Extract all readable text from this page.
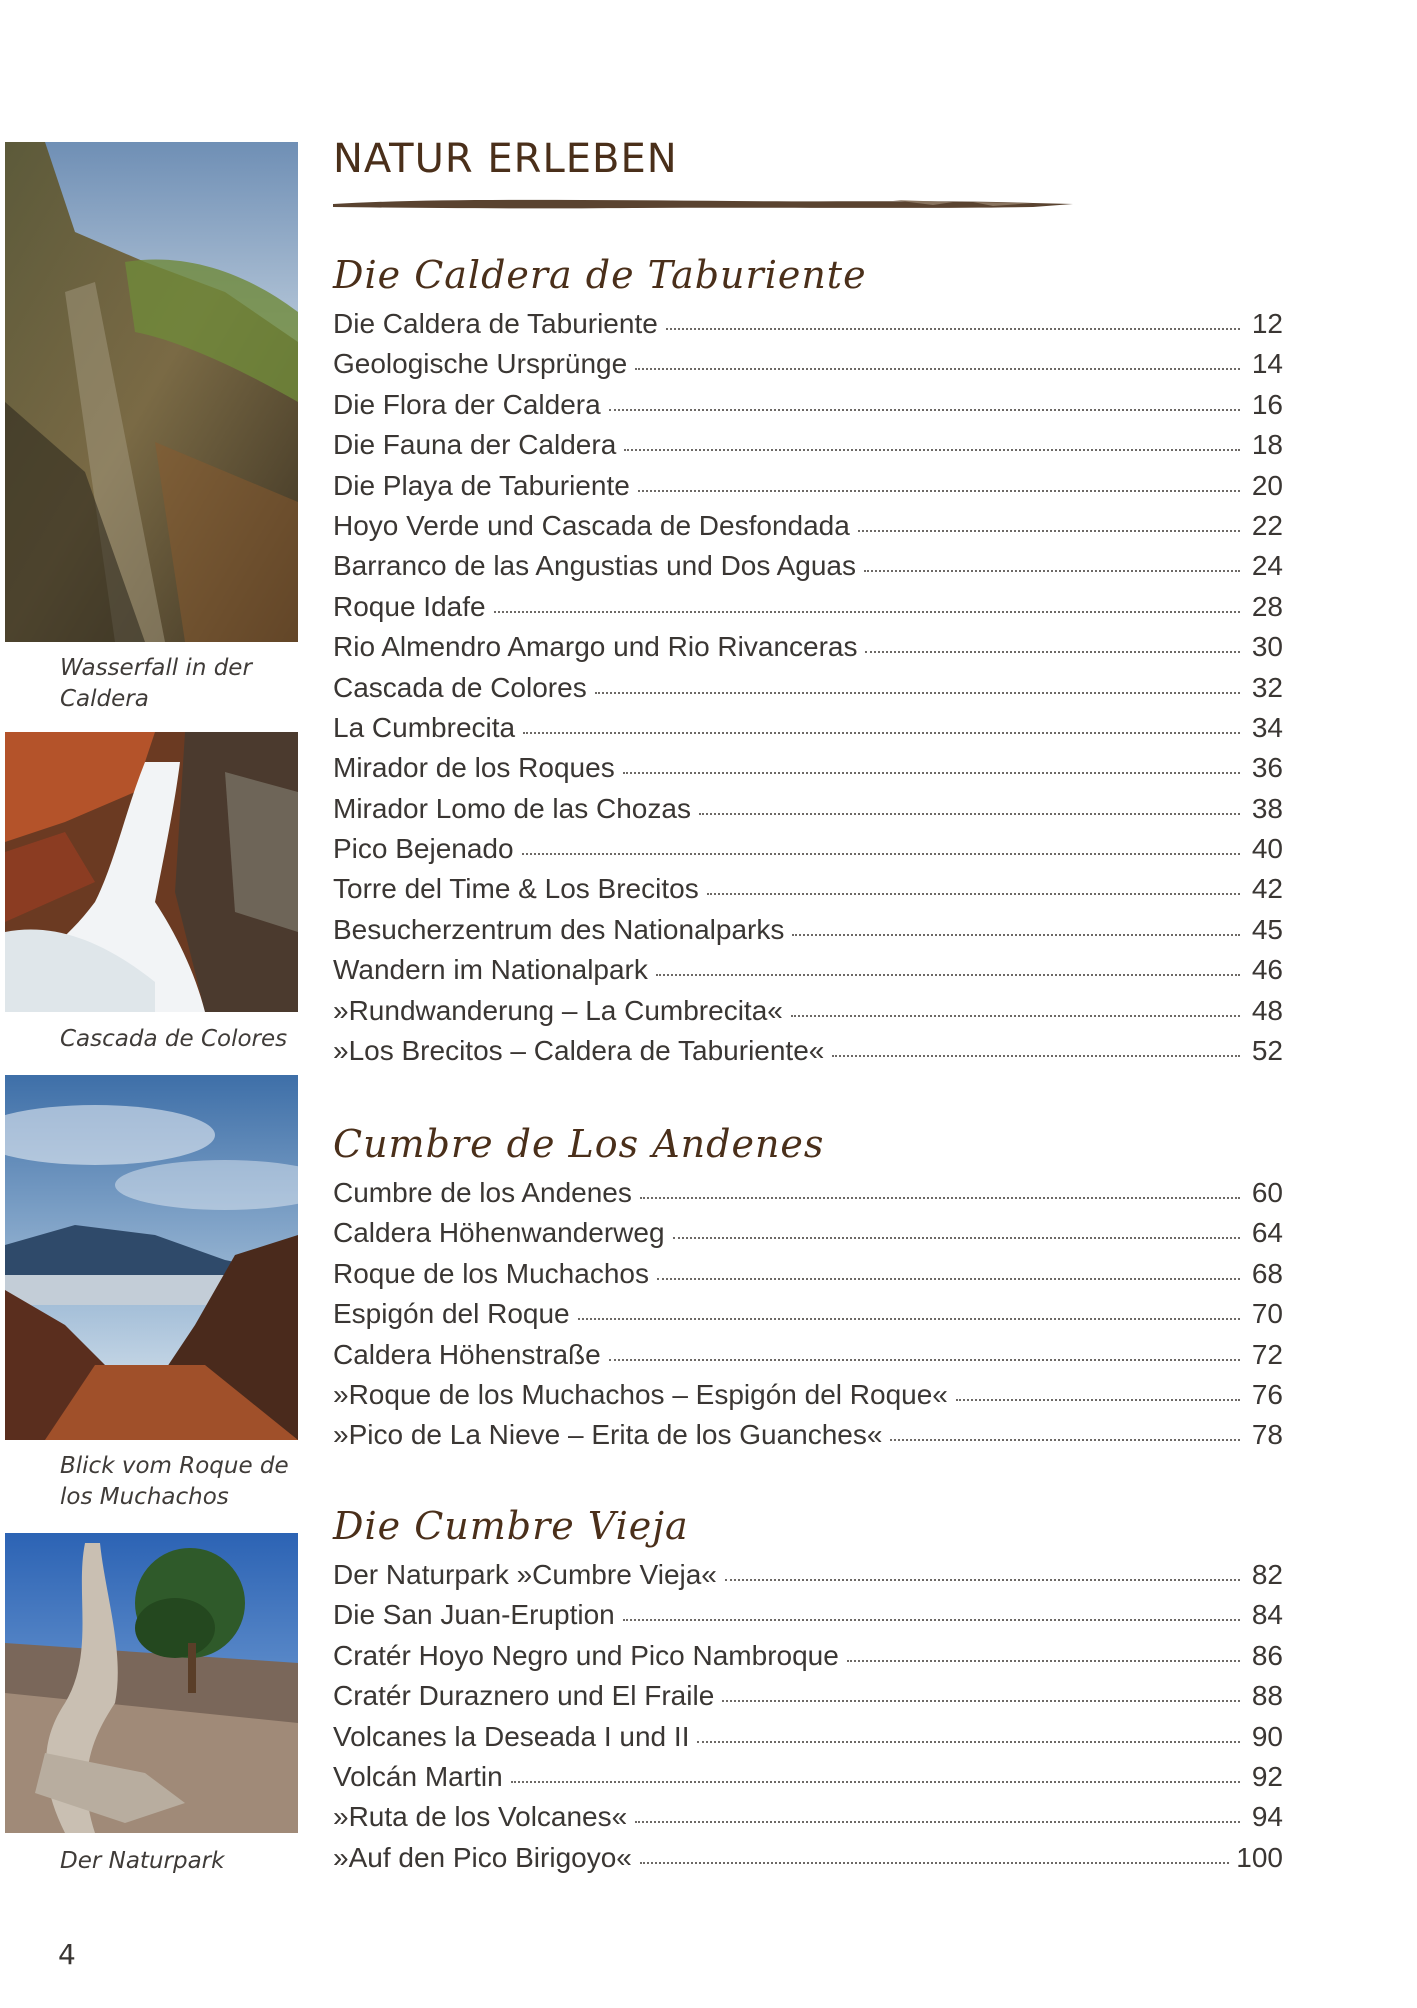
Wasserfall in der Caldera
Cascada de Colores
Blick vom Roque de los Muchachos
Der Naturpark
4
NATUR ERLEBEN
Die Caldera de Taburiente
Die Caldera de Taburiente	12
Geologische Ursprünge	14
Die Flora der Caldera	16
Die Fauna der Caldera	18
Die Playa de Taburiente	20
Hoyo Verde und Cascada de Desfondada	22
Barranco de las Angustias und Dos Aguas	24
Roque Idafe	28
Rio Almendro Amargo und Rio Rivanceras	30
Cascada de Colores	32
La Cumbrecita	34
Mirador de los Roques	36
Mirador Lomo de las Chozas	38
Pico Bejenado	40
Torre del Time & Los Brecitos	42
Besucherzentrum des Nationalparks	45
Wandern im Nationalpark	46
»Rundwanderung – La Cumbrecita«	48
»Los Brecitos – Caldera de Taburiente«	52
Cumbre de Los Andenes
Cumbre de los Andenes	60
Caldera Höhenwanderweg	64
Roque de los Muchachos	68
Espigón del Roque	70
Caldera Höhenstraße	72
»Roque de los Muchachos – Espigón del Roque«	76
»Pico de La Nieve – Erita de los Guanches«	78
Die Cumbre Vieja
Der Naturpark »Cumbre Vieja«	82
Die San Juan-Eruption	84
Cratér Hoyo Negro und Pico Nambroque	86
Cratér Duraznero und El Fraile	88
Volcanes la Deseada I und II	90
Volcán Martin	92
»Ruta de los Volcanes«	94
»Auf den Pico Birigoyo«	100
